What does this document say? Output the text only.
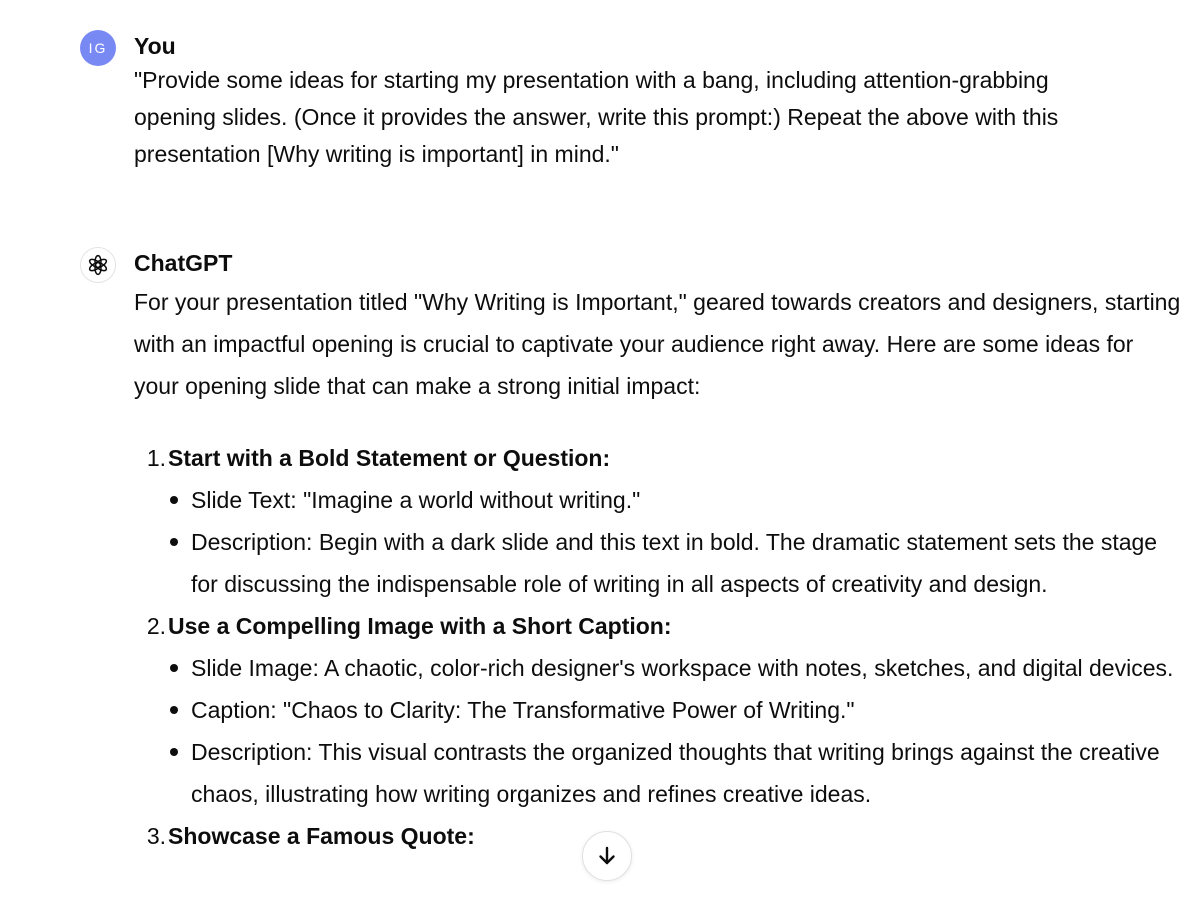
IG You
"Provide some ideas for starting my presentation with a bang, including attention-grabbing opening slides. (Once it provides the answer, write this prompt:) Repeat the above with this presentation [Why writing is important] in mind."
ChatGPT
For your presentation titled "Why Writing is Important," geared towards creators and designers, starting with an impactful opening is crucial to captivate your audience right away. Here are some ideas for your opening slide that can make a strong initial impact:
1. Start with a Bold Statement or Question:
Slide Text: "Imagine a world without writing."
Description: Begin with a dark slide and this text in bold. The dramatic statement sets the stage for discussing the indispensable role of writing in all aspects of creativity and design.
2. Use a Compelling Image with a Short Caption:
Slide Image: A chaotic, color-rich designer's workspace with notes, sketches, and digital devices.
Caption: "Chaos to Clarity: The Transformative Power of Writing."
Description: This visual contrasts the organized thoughts that writing brings against the creative chaos, illustrating how writing organizes and refines creative ideas.
3. Showcase a Famous Quote:
